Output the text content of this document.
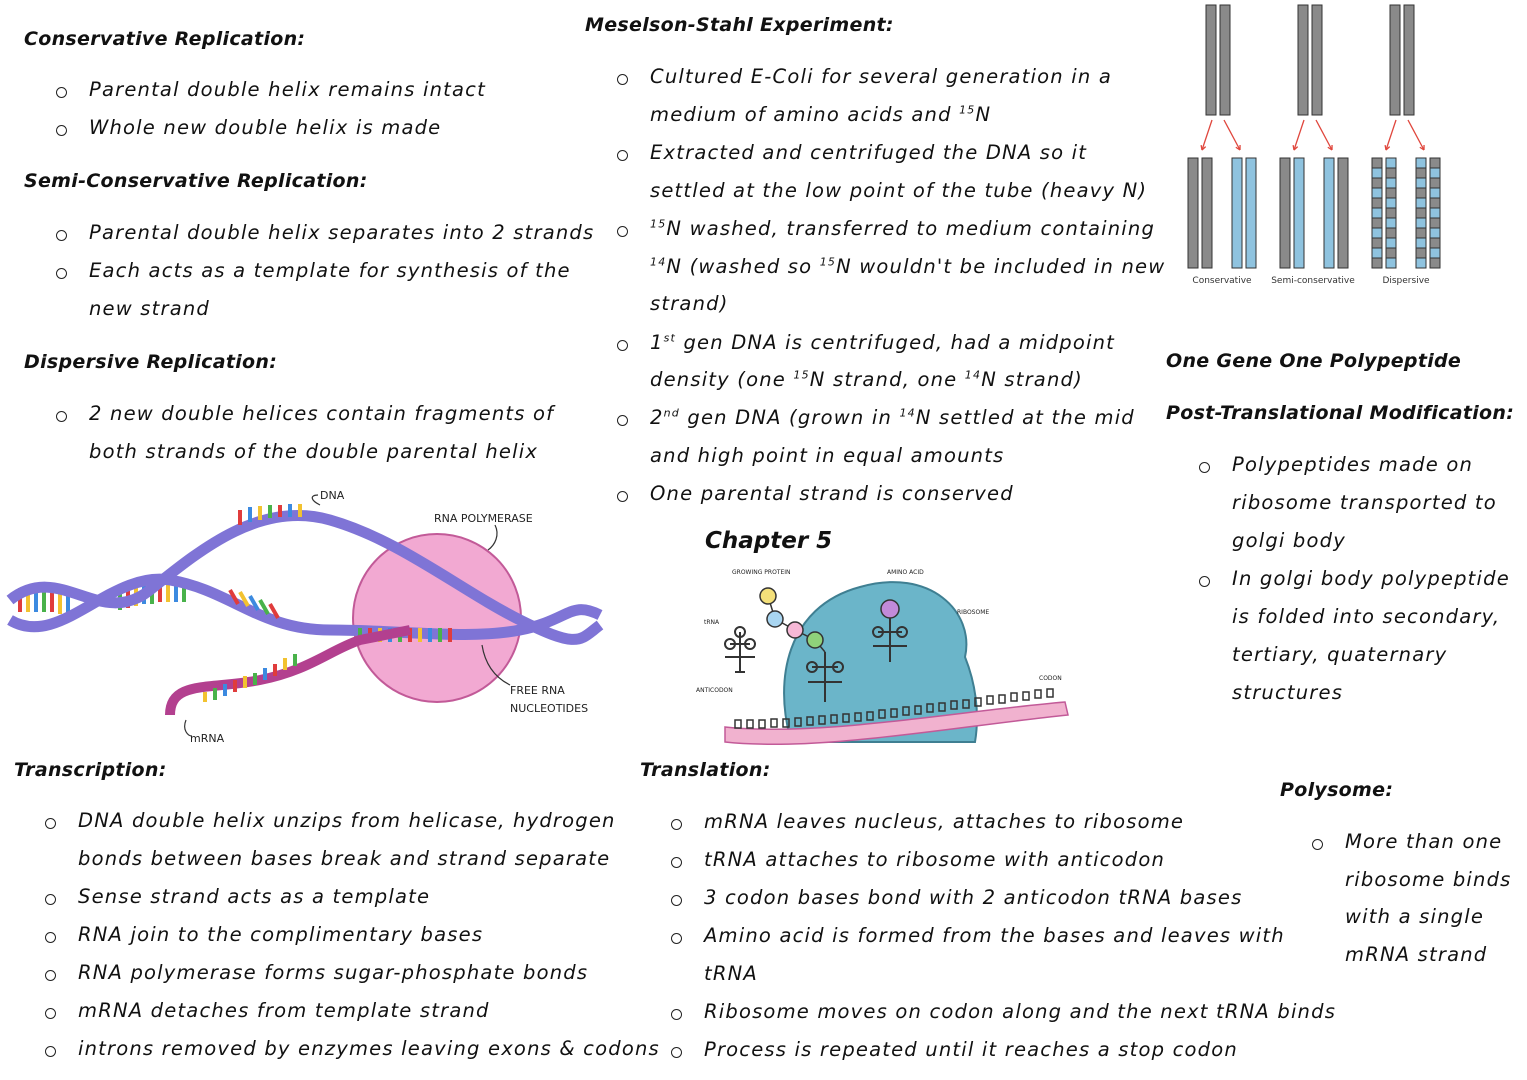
Conservative Replication:
Parental double helix remains intact
Whole new double helix is made
Semi-Conservative Replication:
Parental double helix separates into 2 strands
Each acts as a template for synthesis of the
new strand
Dispersive Replication:
2 new double helices contain fragments of
both strands of the double parental helix
DNA
RNA POLYMERASE
FREE RNA
NUCLEOTIDES
mRNA
Transcription:
DNA double helix unzips from helicase, hydrogen
bonds between bases break and strand separate
Sense strand acts as a template
RNA join to the complimentary bases
RNA polymerase forms sugar-phosphate bonds
mRNA detaches from template strand
introns removed by enzymes leaving exons & codons
Meselson-Stahl Experiment:
Cultured E-Coli for several generation in a
medium of amino acids and $^{15}$N
Extracted and centrifuged the DNA so it
settled at the low point of the tube (heavy N)
$^{15}$N washed, transferred to medium containing
$^{14}$N (washed so $^{15}$N wouldn't be included in new
strand)
1st gen DNA is centrifuged, had a midpoint
density (one $^{15}$N strand, one $^{14}$N strand)
2nd gen DNA (grown in $^{14}$N settled at the mid
and high point in equal amounts
One parental strand is conserved
Chapter 5
GROWING PROTEIN	AMINO ACID
RIBOSOME
tRNA
ANTICODON
CODON
Translation:
mRNA leaves nucleus, attaches to ribosome
tRNA attaches to ribosome with anticodon
3 codon bases bond with 2 anticodon tRNA bases
Amino acid is formed from the bases and leaves with
tRNA
Ribosome moves on codon along and the next tRNA binds
Process is repeated until it reaches a stop codon
Conservative Semi-conservative	Dispersive
One Gene One Polypeptide
Post-Translational Modification:
Polypeptides made on
ribosome transported to
golgi body
In golgi body polypeptide
is folded into secondary,
tertiary, quaternary
structures
Polysome:
More than one
ribosome binds
with a single
mRNA strand
